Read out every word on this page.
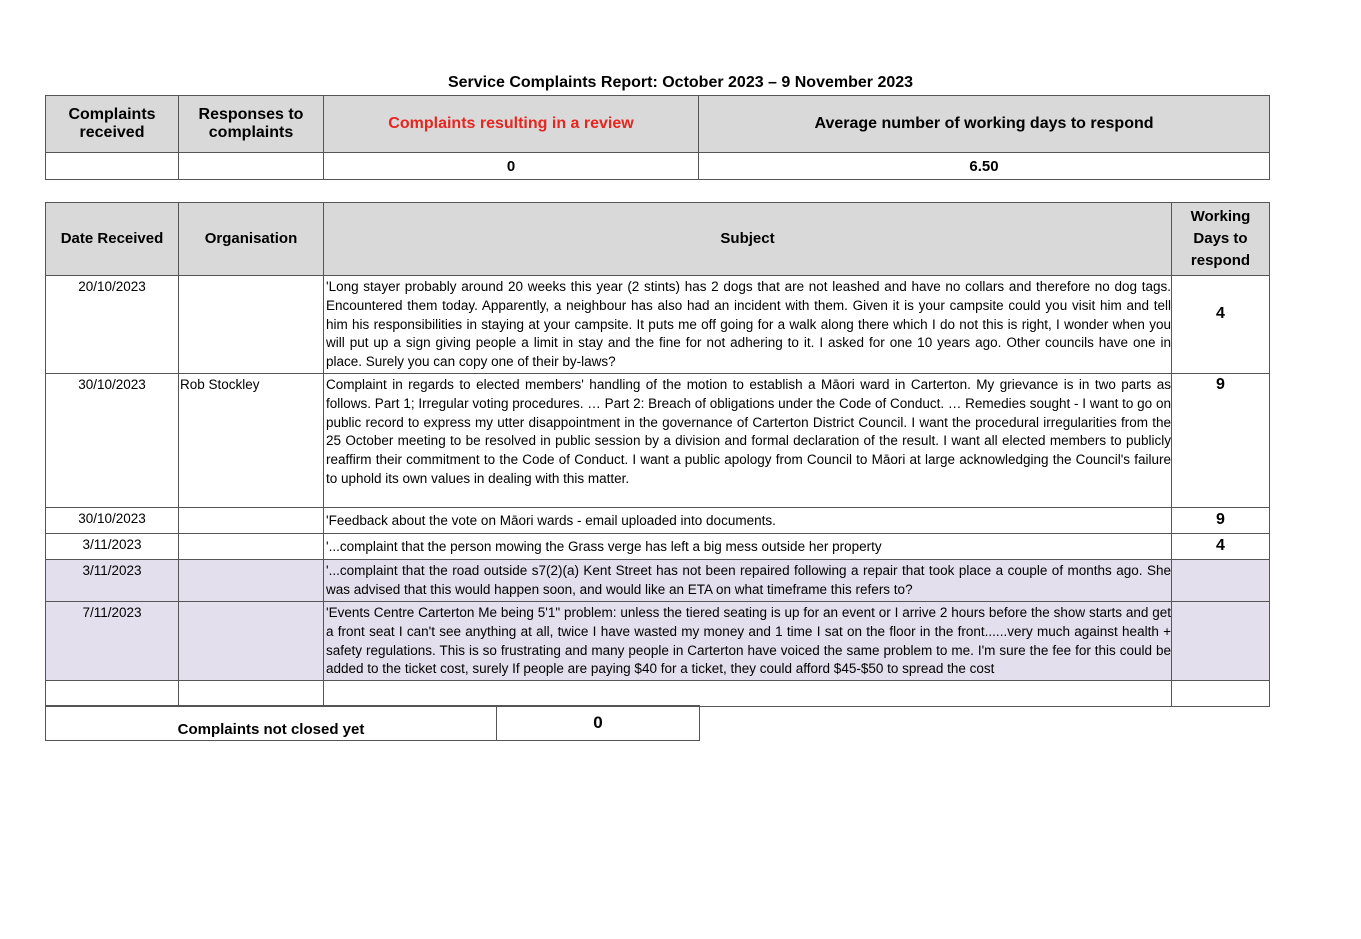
Service Complaints Report: October 2023 – 9 November 2023
Complaints received	Responses to complaints	Complaints resulting in a review	Average number of working days to respond
		0	6.50
Date Received	Organisation	Subject	Working Days to respond
20/10/2023		'Long stayer probably around 20 weeks this year (2 stints) has 2 dogs that are not leashed and have no collars and therefore no dog tags. Encountered them today. Apparently, a neighbour has also had an incident with them. Given it is your campsite could you visit him and tell him his responsibilities in staying at your campsite. It puts me off going for a walk along there which I do not this is right, I wonder when you will put up a sign giving people a limit in stay and the fine for not adhering to it. I asked for one 10 years ago. Other councils have one in place. Surely you can copy one of their by-laws?	4
30/10/2023	Rob Stockley	Complaint in regards to elected members' handling of the motion to establish a Māori ward in Carterton. My grievance is in two parts as follows. Part 1; Irregular voting procedures. … Part 2: Breach of obligations under the Code of Conduct. … Remedies sought - I want to go on public record to express my utter disappointment in the governance of Carterton District Council. I want the procedural irregularities from the 25 October meeting to be resolved in public session by a division and formal declaration of the result. I want all elected members to publicly reaffirm their commitment to the Code of Conduct. I want a public apology from Council to Māori at large acknowledging the Council's failure to uphold its own values in dealing with this matter.	9
30/10/2023		'Feedback about the vote on Māori wards - email uploaded into documents.	9
3/11/2023		'...complaint that the person mowing the Grass verge has left a big mess outside her property	4
3/11/2023		'...complaint that the road outside s7(2)(a) Kent Street has not been repaired following a repair that took place a couple of months ago. She was advised that this would happen soon, and would like an ETA on what timeframe this refers to?	
7/11/2023		'Events Centre Carterton Me being 5'1" problem: unless the tiered seating is up for an event or I arrive 2 hours before the show starts and get a front seat I can't see anything at all, twice I have wasted my money and 1 time I sat on the floor in the front......very much against health + safety regulations. This is so frustrating and many people in Carterton have voiced the same problem to me. I'm sure the fee for this could be added to the ticket cost, surely If people are paying $40 for a ticket, they could afford $45-$50 to spread the cost	

Complaints not closed yet	0
